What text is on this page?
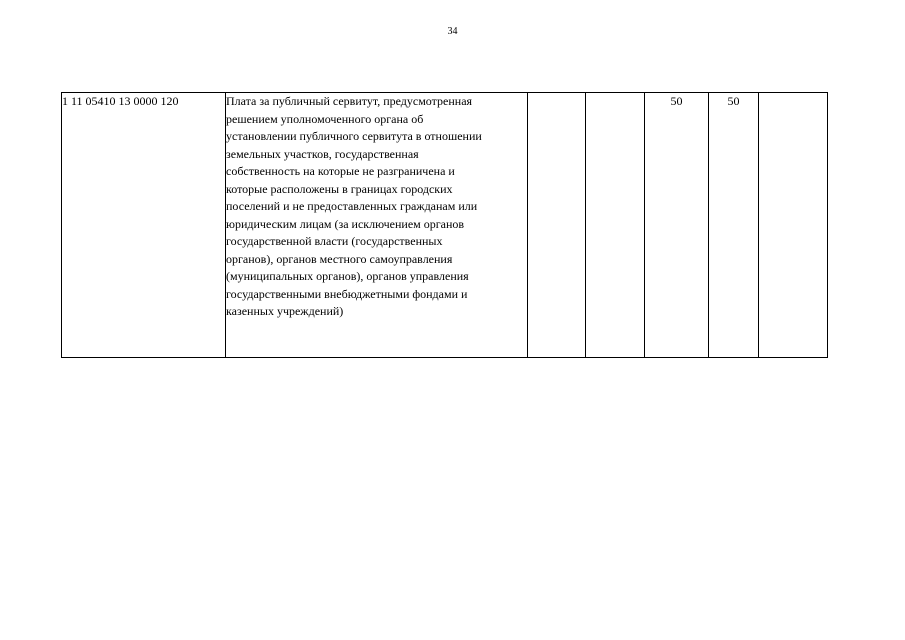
34
1 11 05410 13 0000 120	Плата за публичный сервитут, предусмотренная
решением уполномоченного органа об
установлении публичного сервитута в отношении
земельных участков, государственная
собственность на которые не разграничена и
которые расположены в границах городских
поселений и не предоставленных гражданам или
юридическим лицам (за исключением органов
государственной власти (государственных
органов), органов местного самоуправления
(муниципальных органов), органов управления
государственными внебюджетными фондами и
казенных учреждений)			50	50	
